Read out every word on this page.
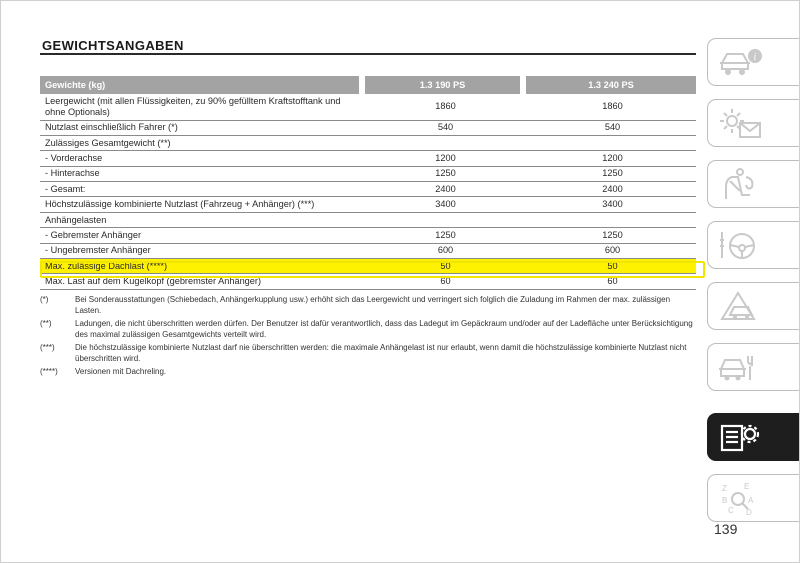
GEWICHTSANGABEN
Gewichte (kg)	1.3 190 PS		1.3 240 PS	
Leergewicht (mit allen Flüssigkeiten, zu 90% gefülltem Kraftstofftank und ohne Optionals)		1860		1860
Nutzlast einschließlich Fahrer (*)		540		540
Zulässiges Gesamtgewicht (**)				
- Vorderachse		1200		1200
- Hinterachse		1250		1250
- Gesamt:		2400		2400
Höchstzulässige kombinierte Nutzlast (Fahrzeug + Anhänger) (***)		3400		3400
Anhängelasten				
- Gebremster Anhänger		1250		1250
- Ungebremster Anhänger		600		600
Max. zulässige Dachlast (****)		50		50
Max. Last auf dem Kugelkopf (gebremster Anhänger)		60		60
(*)	Bei Sonderausstattungen (Schiebedach, Anhängerkupplung usw.) erhöht sich das Leergewicht und verringert sich folglich die Zuladung im Rahmen der max. zulässigen Lasten.
(**)	Ladungen, die nicht überschritten werden dürfen. Der Benutzer ist dafür verantwortlich, dass das Ladegut im Gepäckraum und/oder auf der Ladefläche unter Berücksichtigung des maximal zulässigen Gesamtgewichts verteilt wird.
(***)	Die höchstzulässige kombinierte Nutzlast darf nie überschritten werden: die maximale Anhängelast ist nur erlaubt, wenn damit die höchstzulässige kombinierte Nutzlast nicht überschritten wird.
(****)	Versionen mit Dachreling.
i
Z E
B	A
C D
139
